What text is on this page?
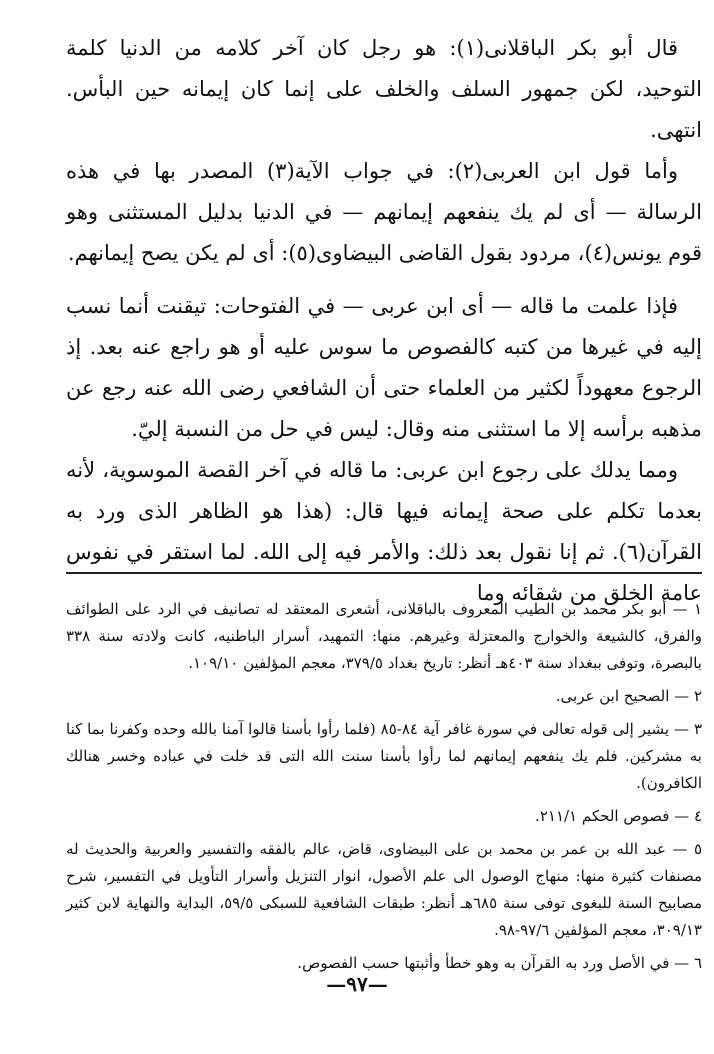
قال أبو بكر الباقلانى(١): هو رجل كان آخر كلامه من الدنيا كلمة التوحيد، لكن جمهور السلف والخلف على إنما كان إيمانه حين البأس. انتهى.

وأما قول ابن العربى(٢): في جواب الآية(٣) المصدر بها في هذه الرسالة — أى لم يك ينفعهم إيمانهم — في الدنيا بدليل المستثنى وهو قوم يونس(٤)، مردود بقول القاضى البيضاوى(٥): أى لم يكن يصح إيمانهم.

فإذا علمت ما قاله — أى ابن عربى — في الفتوحات: تيقنت أنما نسب إليه في غيرها من كتبه كالفصوص ما سوس عليه أو هو راجع عنه بعد. إذ الرجوع معهوداً لكثير من العلماء حتى أن الشافعي رضى الله عنه رجع عن مذهبه برأسه إلا ما استثنى منه وقال: ليس في حل من النسبة إليّ.

ومما يدلك على رجوع ابن عربى: ما قاله في آخر القصة الموسوية، لأنه بعدما تكلم على صحة إيمانه فيها قال: (هذا هو الظاهر الذى ورد به القرآن(٦). ثم إنا نقول بعد ذلك: والأمر فيه إلى الله. لما استقر في نفوس عامة الخلق من شقائه وما

١ — أبو بكر محمد بن الطيب المعروف بالباقلانى، أشعرى المعتقد له تصانيف في الرد على الطوائف والفرق، كالشيعة والخوارج والمعتزلة وغيرهم. منها: التمهيد، أسرار الباطنيه، كانت ولادته سنة ٣٣٨ بالبصرة، وتوفى ببغداد سنة ٤٠٣هـ أنظر: تاريخ بغداد ٣٧٩/٥، معجم المؤلفين ١٠٩/١٠.

٢ — الصحيح ابن عربى.

٣ — يشير إلى قوله تعالى في سورة غافر آية ٨٤-٨٥ (فلما رأوا بأسنا قالوا آمنا بالله وحده وكفرنا بما كنا به مشركين. فلم يك ينفعهم إيمانهم لما رأوا بأسنا سنت الله التى قد خلت في عباده وخسر هنالك الكافرون).

٤ — فصوص الحكم ٢١١/١.

٥ — عبد الله بن عمر بن محمد بن على البيضاوى، قاض، عالم بالفقه والتفسير والعربية والحديث له مصنفات كثيرة منها: منهاج الوصول الى علم الأصول، انوار التنزيل وأسرار التأويل في التفسير، شرح مصابيح السنة للبغوى توفى سنة ٦٨٥هـ أنظر: طبقات الشافعية للسبكى ٥٩/٥، البداية والنهاية لابن كثير ٣٠٩/١٣، معجم المؤلفين ٩٧/٦-٩٨.

٦ — في الأصل ورد به القرآن به وهو خطأ وأثبتها حسب الفصوص.

—٩٧—
